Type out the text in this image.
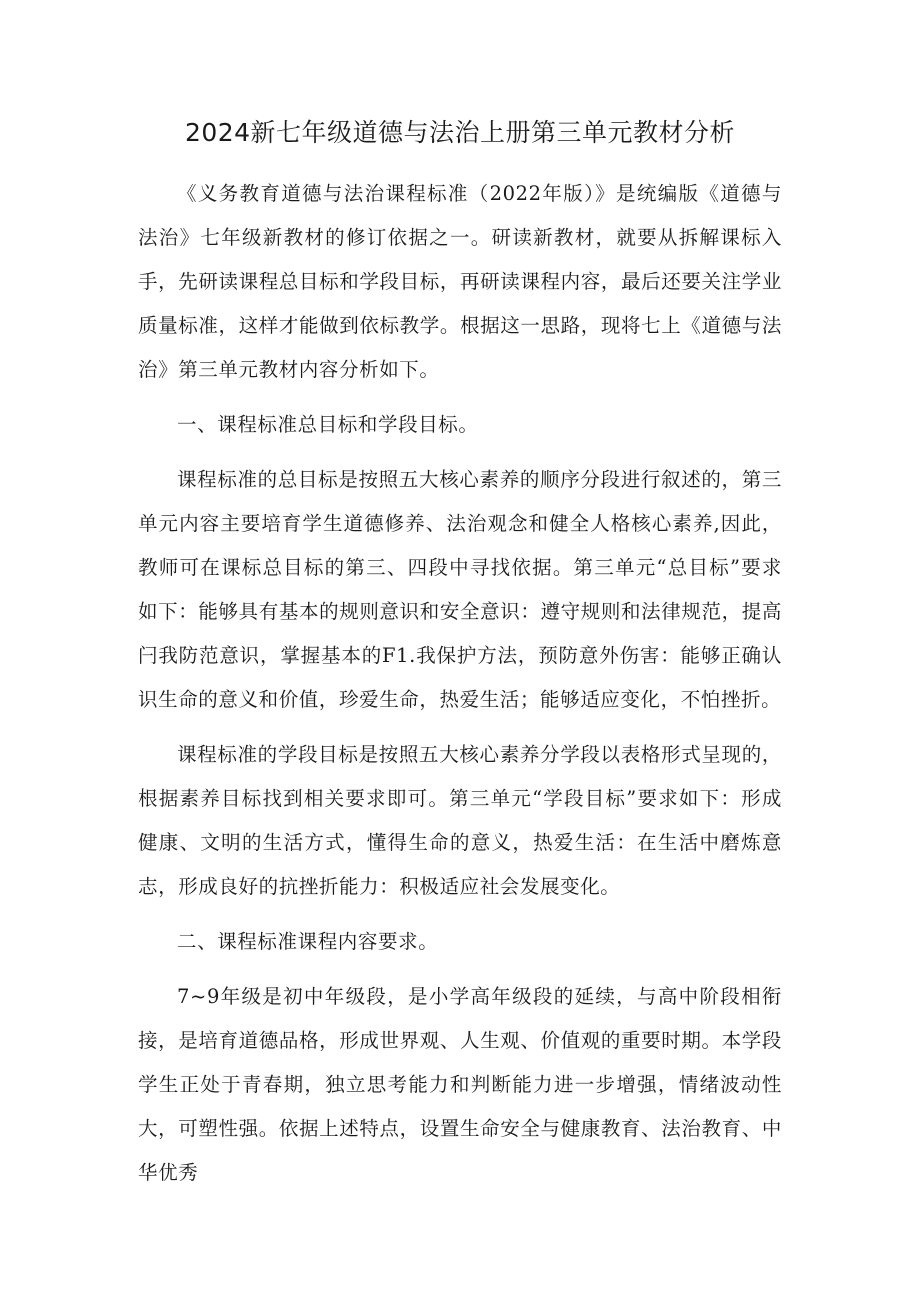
2024新七年级道德与法治上册第三单元教材分析

《义务教育道德与法治课程标准（2022年版）》是统编版《道德与法治》七年级新教材的修订依据之一。研读新教材，就要从拆解课标入手，先研读课程总目标和学段目标，再研读课程内容，最后还要关注学业质量标准，这样才能做到依标教学。根据这一思路，现将七上《道德与法治》第三单元教材内容分析如下。

一、课程标准总目标和学段目标。

课程标准的总目标是按照五大核心素养的顺序分段进行叙述的，第三单元内容主要培育学生道德修养、法治观念和健全人格核心素养,因此，教师可在课标总目标的第三、四段中寻找依据。第三单元“总目标”要求如下：能够具有基本的规则意识和安全意识：遵守规则和法律规范，提高闩我防范意识，掌握基本的F1.我保护方法，预防意外伤害：能够正确认识生命的意义和价值，珍爱生命，热爱生活；能够适应变化，不怕挫折。

课程标准的学段目标是按照五大核心素养分学段以表格形式呈现的，根据素养目标找到相关要求即可。第三单元“学段目标”要求如下：形成健康、文明的生活方式，懂得生命的意义，热爱生活：在生活中磨炼意志，形成良好的抗挫折能力：积极适应社会发展变化。

二、课程标准课程内容要求。

7~9年级是初中年级段，是小学高年级段的延续，与高中阶段相衔接，是培育道德品格，形成世界观、人生观、价值观的重要时期。本学段学生正处于青春期，独立思考能力和判断能力进一步增强，情绪波动性大，可塑性强。依据上述特点，设置生命安全与健康教育、法治教育、中华优秀
